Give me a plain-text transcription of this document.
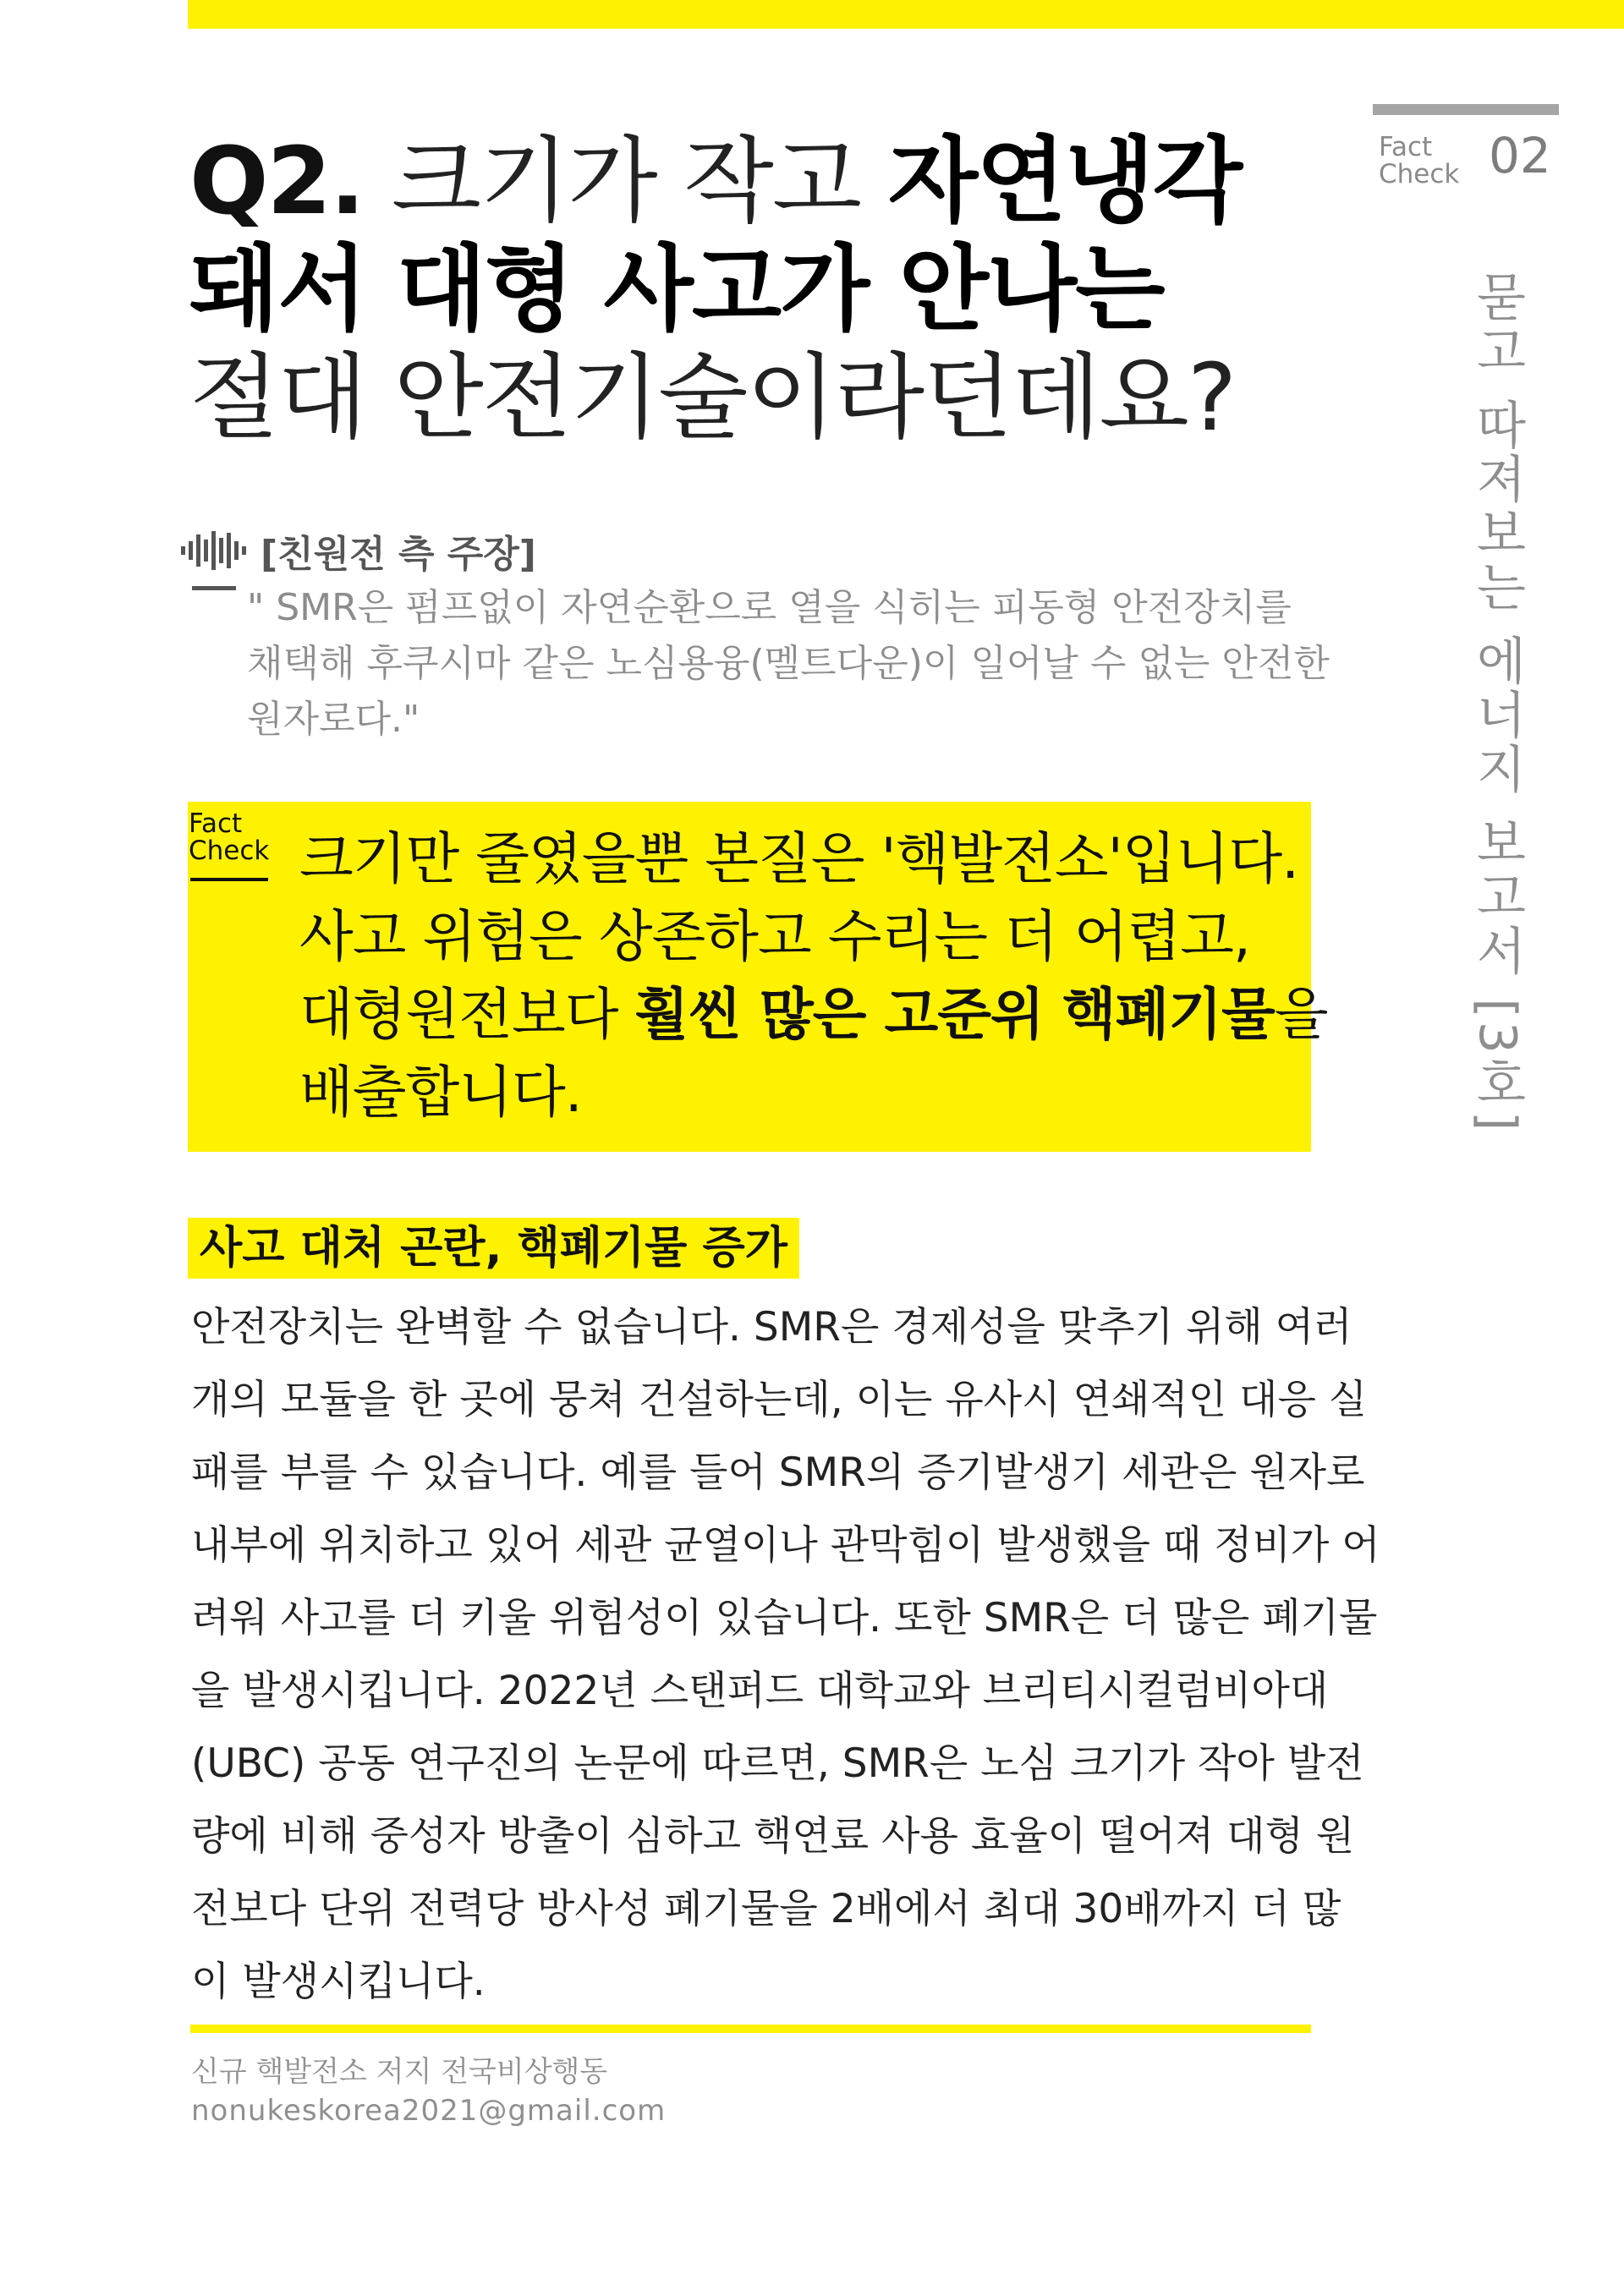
Fact
Check 02
묻고 따져보는 에너지 보고서 [3호]
Q2. 크기가 작고 자연냉각
돼서 대형 사고가 안나는
절대 안전기술이라던데요?
[친원전 측 주장]
" SMR은 펌프없이 자연순환으로 열을 식히는 피동형 안전장치를 채택해 후쿠시마 같은 노심용융(멜트다운)이 일어날 수 없는 안전한 원자로다."
Fact
Check 크기만 줄였을뿐 본질은 '핵발전소'입니다.
사고 위험은 상존하고 수리는 더 어렵고,
대형원전보다 훨씬 많은 고준위 핵폐기물을
배출합니다.
사고 대처 곤란, 핵폐기물 증가
안전장치는 완벽할 수 없습니다. SMR은 경제성을 맞추기 위해 여러
개의 모듈을 한 곳에 뭉쳐 건설하는데, 이는 유사시 연쇄적인 대응 실
패를 부를 수 있습니다. 예를 들어 SMR의 증기발생기 세관은 원자로
내부에 위치하고 있어 세관 균열이나 관막힘이 발생했을 때 정비가 어
려워 사고를 더 키울 위험성이 있습니다. 또한 SMR은 더 많은 폐기물
을 발생시킵니다. 2022년 스탠퍼드 대학교와 브리티시컬럼비아대
(UBC) 공동 연구진의 논문에 따르면, SMR은 노심 크기가 작아 발전
량에 비해 중성자 방출이 심하고 핵연료 사용 효율이 떨어져 대형 원
전보다 단위 전력당 방사성 폐기물을 2배에서 최대 30배까지 더 많
이 발생시킵니다.
신규 핵발전소 저지 전국비상행동
nonukeskorea2021@gmail.com
